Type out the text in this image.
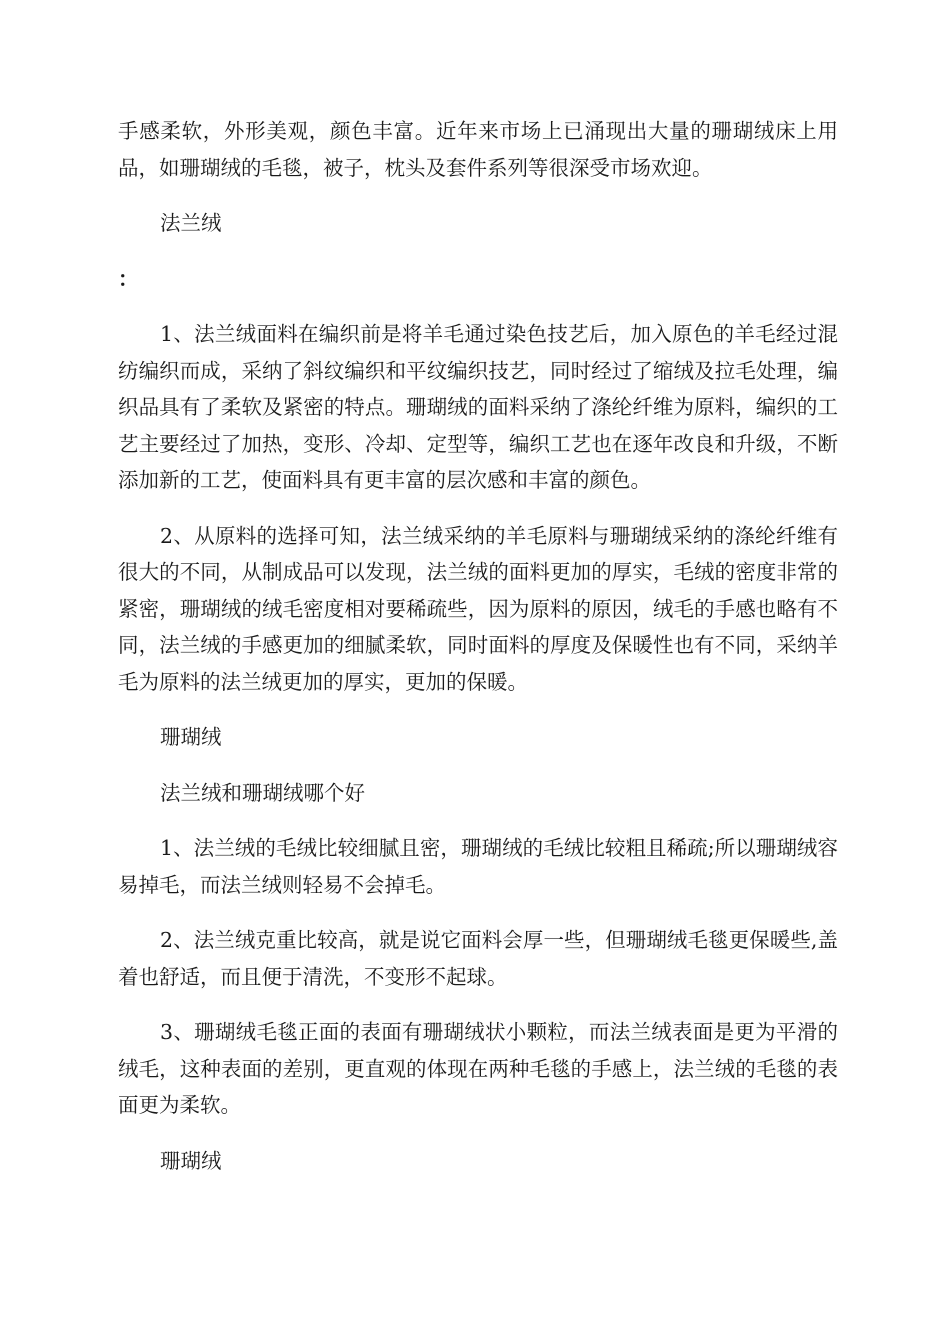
手感柔软，外形美观，颜色丰富。近年来市场上已涌现出大量的珊瑚绒床上用品，如珊瑚绒的毛毯，被子，枕头及套件系列等很深受市场欢迎。

法兰绒

：

1、法兰绒面料在编织前是将羊毛通过染色技艺后，加入原色的羊毛经过混纺编织而成，采纳了斜纹编织和平纹编织技艺，同时经过了缩绒及拉毛处理，编织品具有了柔软及紧密的特点。珊瑚绒的面料采纳了涤纶纤维为原料，编织的工艺主要经过了加热，变形、冷却、定型等，编织工艺也在逐年改良和升级，不断添加新的工艺，使面料具有更丰富的层次感和丰富的颜色。

2、从原料的选择可知，法兰绒采纳的羊毛原料与珊瑚绒采纳的涤纶纤维有很大的不同，从制成品可以发现，法兰绒的面料更加的厚实，毛绒的密度非常的紧密，珊瑚绒的绒毛密度相对要稀疏些，因为原料的原因，绒毛的手感也略有不同，法兰绒的手感更加的细腻柔软，同时面料的厚度及保暖性也有不同，采纳羊毛为原料的法兰绒更加的厚实，更加的保暖。

珊瑚绒

法兰绒和珊瑚绒哪个好

1、法兰绒的毛绒比较细腻且密，珊瑚绒的毛绒比较粗且稀疏;所以珊瑚绒容易掉毛，而法兰绒则轻易不会掉毛。

2、法兰绒克重比较高，就是说它面料会厚一些，但珊瑚绒毛毯更保暖些,盖着也舒适，而且便于清洗，不变形不起球。

3、珊瑚绒毛毯正面的表面有珊瑚绒状小颗粒，而法兰绒表面是更为平滑的绒毛，这种表面的差别，更直观的体现在两种毛毯的手感上，法兰绒的毛毯的表面更为柔软。

珊瑚绒
